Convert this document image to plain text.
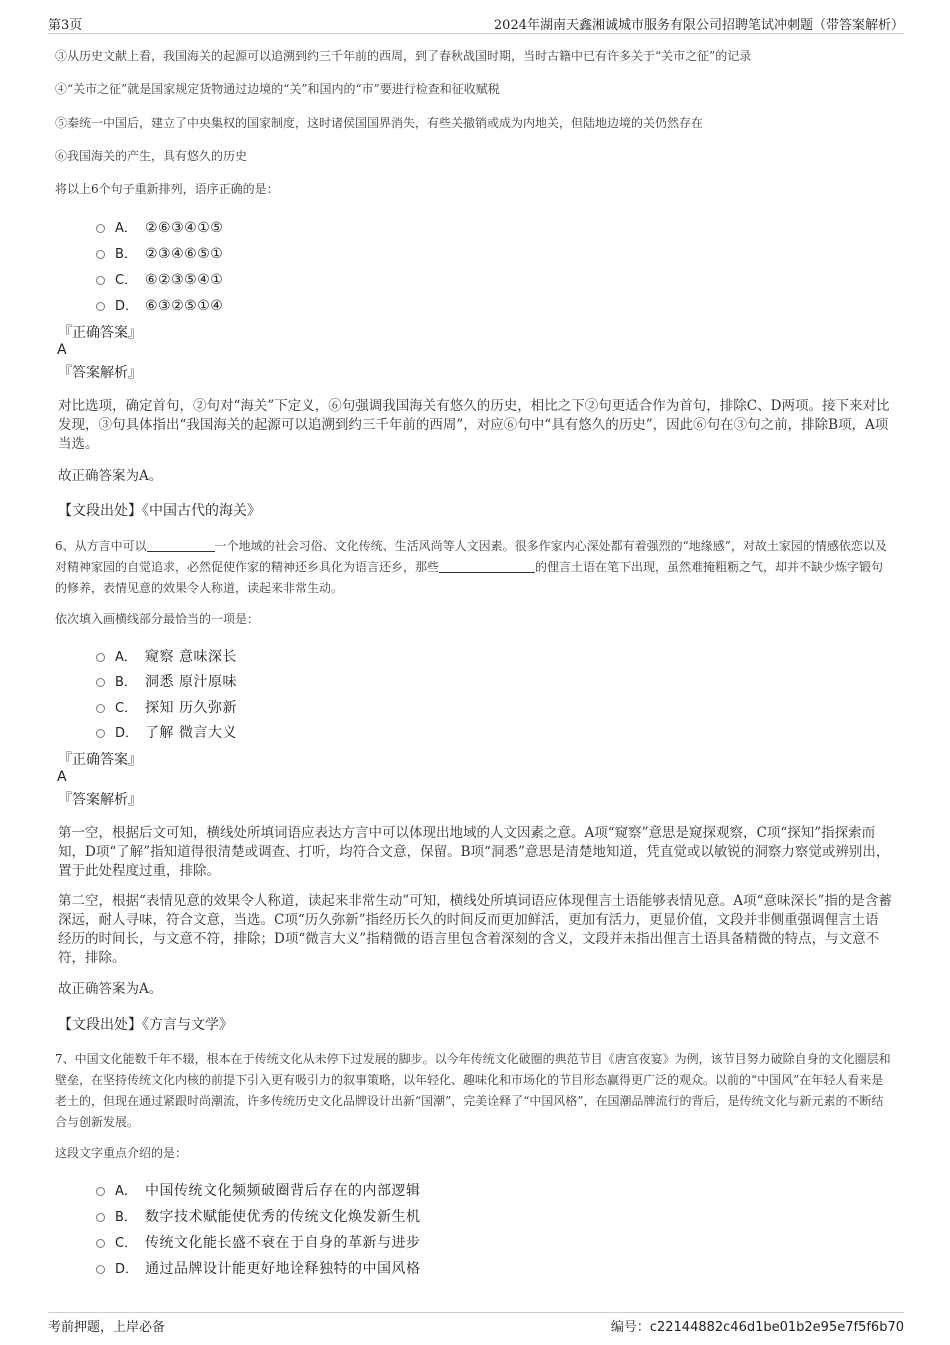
第3页	2024年湖南天鑫湘诚城市服务有限公司招聘笔试冲刺题（带答案解析）
③从历史文献上看，我国海关的起源可以追溯到约三千年前的西周，到了春秋战国时期，当时古籍中已有许多关于“关市之征”的记录
④“关市之征”就是国家规定货物通过边境的“关”和国内的“市”要进行检查和征收赋税
⑤秦统一中国后，建立了中央集权的国家制度，这时诸侯国国界消失，有些关撤销或成为内地关，但陆地边境的关仍然存在
⑥我国海关的产生，具有悠久的历史
将以上6个句子重新排列，语序正确的是：
A． ②⑥③④①⑤
B． ②③④⑥⑤①
C． ⑥②③⑤④①
D． ⑥③②⑤①④
『正确答案』
A
『答案解析』
对比选项，确定首句，②句对“海关”下定义，⑥句强调我国海关有悠久的历史，相比之下②句更适合作为首句，排除C、D两项。接下来对比发现，③句具体指出“我国海关的起源可以追溯到约三千年前的西周”，对应⑥句中“具有悠久的历史”，因此⑥句在③句之前，排除B项，A项当选。
故正确答案为A。
【文段出处】《中国古代的海关》
6、从方言中可以	一个地域的社会习俗、文化传统、生活风尚等人文因素。很多作家内心深处都有着强烈的“地缘感”，对故土家园的情感依恋以及对精神家园的自觉追求，必然促使作家的精神还乡具化为语言还乡，那些	的俚言土语在笔下出现，虽然难掩粗粝之气，却并不缺少炼字锻句的修养，表情见意的效果令人称道，读起来非常生动。
依次填入画横线部分最恰当的一项是：
A． 窥察 意味深长
B． 洞悉 原汁原味
C． 探知 历久弥新
D． 了解 微言大义
『正确答案』
A
『答案解析』
第一空，根据后文可知，横线处所填词语应表达方言中可以体现出地域的人文因素之意。A项“窥察”意思是窥探观察，C项“探知”指探索而知，D项“了解”指知道得很清楚或调查、打听，均符合文意，保留。B项“洞悉”意思是清楚地知道，凭直觉或以敏锐的洞察力察觉或辨别出，置于此处程度过重，排除。
第二空，根据“表情见意的效果令人称道，读起来非常生动”可知，横线处所填词语应体现俚言土语能够表情见意。A项“意味深长”指的是含蓄深远，耐人寻味，符合文意，当选。C项“历久弥新”指经历长久的时间反而更加鲜活，更加有活力，更显价值，文段并非侧重强调俚言土语经历的时间长，与文意不符，排除；D项“微言大义”指精微的语言里包含着深刻的含义，文段并未指出俚言土语具备精微的特点，与文意不符，排除。
故正确答案为A。
【文段出处】《方言与文学》
7、中国文化能数千年不辍，根本在于传统文化从未停下过发展的脚步。以今年传统文化破圈的典范节目《唐宫夜宴》为例，该节目努力破除自身的文化圈层和壁垒，在坚持传统文化内核的前提下引入更有吸引力的叙事策略，以年轻化、趣味化和市场化的节目形态赢得更广泛的观众。以前的“中国风”在年轻人看来是老土的，但现在通过紧跟时尚潮流，许多传统历史文化品牌设计出新“国潮”，完美诠释了“中国风格”，在国潮品牌流行的背后，是传统文化与新元素的不断结合与创新发展。
这段文字重点介绍的是：
A． 中国传统文化频频破圈背后存在的内部逻辑
B． 数字技术赋能使优秀的传统文化焕发新生机
C． 传统文化能长盛不衰在于自身的革新与进步
D． 通过品牌设计能更好地诠释独特的中国风格
考前押题，上岸必备	编号：c22144882c46d1be01b2e95e7f5f6b70
